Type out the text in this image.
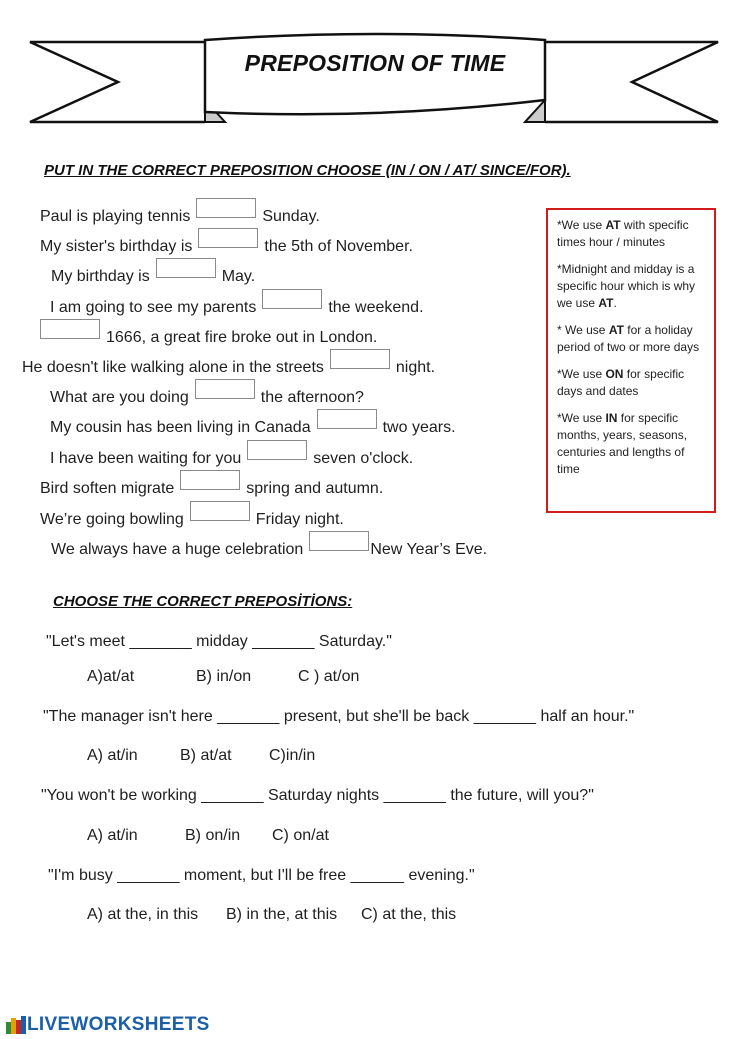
PREPOSITION OF TIME
PUT IN THE CORRECT PREPOSITION CHOOSE (IN / ON / AT/ SINCE/FOR).
Paul is playing tennis	Sunday.
My sister's birthday is	the 5th of November.
My birthday is	May.
I am going to see my parents	the weekend.
1666, a great fire broke out in London.
He doesn't like walking alone in the streets	night.
What are you doing	the afternoon?
My cousin has been living in Canada	two years.
I have been waiting for you	seven o'clock.
Bird soften migrate	spring and autumn.
We’re going bowling	Friday night.
We always have a huge celebration	New Year’s Eve.
*We use AT with specific times hour / minutes
*Midnight and midday is a specific hour which is why we use AT.
* We use AT for a holiday period of two or more days
*We use ON for specific days and dates
*We use IN for specific months, years, seasons, centuries and lengths of time
CHOOSE THE CORRECT PREPOSİTİONS:
"Let's meet _______ midday _______ Saturday."
A)at/at	B) in/on	C ) at/on
"The manager isn't here _______ present, but she'll be back _______ half an hour."
A) at/in	B) at/at C)in/in
"You won't be working _______ Saturday nights _______ the future, will you?"
A) at/in	B) on/in C) on/at
"I'm busy _______ moment, but I'll be free ______ evening."
A) at the, in this B) in the, at this C) at the, this
LIVEWORKSHEETS
